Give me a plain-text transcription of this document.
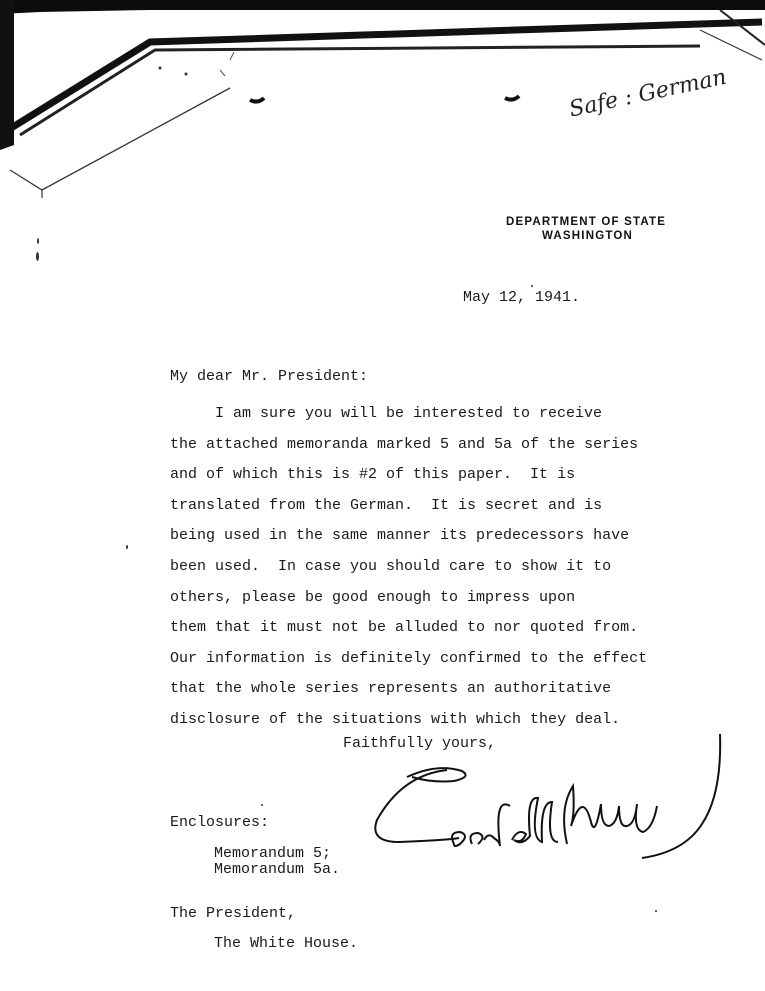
Safe : German
DEPARTMENT OF STATE
WASHINGTON
May 12, 1941.
My dear Mr. President:
I am sure you will be interested to receive
the attached memoranda marked 5 and 5a of the series
and of which this is #2 of this paper.  It is
translated from the German.  It is secret and is
being used in the same manner its predecessors have
been used.  In case you should care to show it to
others, please be good enough to impress upon
them that it must not be alluded to nor quoted from.
Our information is definitely confirmed to the effect
that the whole series represents an authoritative
disclosure of the situations with which they deal.
Faithfully yours,
Enclosures:
Memorandum 5;
Memorandum 5a.
The President,
The White House.
